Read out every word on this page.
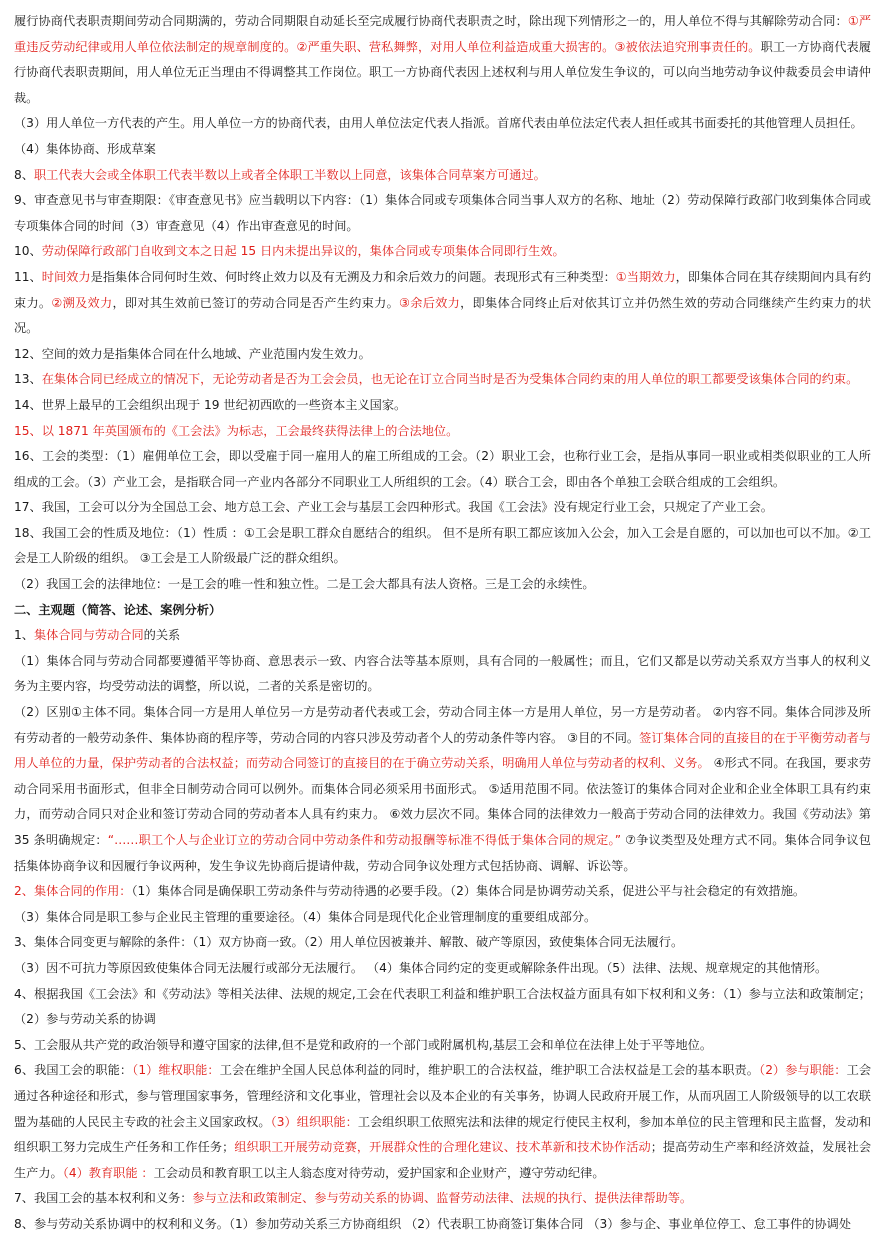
履行协商代表职责期间劳动合同期满的，劳动合同期限自动延长至完成履行协商代表职责之时，除出现下列情形之一的，用人单位不得与其解除劳动合同：①严重违反劳动纪律或用人单位依法制定的规章制度的。②严重失职、营私舞弊，对用人单位利益造成重大损害的。③被依法追究刑事责任的。职工一方协商代表履行协商代表职责期间，用人单位无正当理由不得调整其工作岗位。职工一方协商代表因上述权利与用人单位发生争议的，可以向当地劳动争议仲裁委员会申请仲裁。

（3）用人单位一方代表的产生。用人单位一方的协商代表，由用人单位法定代表人指派。首席代表由单位法定代表人担任或其书面委托的其他管理人员担任。

（4）集体协商、形成草案

8、职工代表大会或全体职工代表半数以上或者全体职工半数以上同意，该集体合同草案方可通过。

9、审查意见书与审查期限：《审查意见书》应当载明以下内容：（1）集体合同或专项集体合同当事人双方的名称、地址（2）劳动保障行政部门收到集体合同或专项集体合同的时间（3）审查意见（4）作出审查意见的时间。

10、劳动保障行政部门自收到文本之日起 15 日内未提出异议的，集体合同或专项集体合同即行生效。

11、时间效力是指集体合同何时生效、何时终止效力以及有无溯及力和余后效力的问题。表现形式有三种类型：①当期效力，即集体合同在其存续期间内具有约束力。②溯及效力，即对其生效前已签订的劳动合同是否产生约束力。③余后效力，即集体合同终止后对依其订立并仍然生效的劳动合同继续产生约束力的状况。

12、空间的效力是指集体合同在什么地域、产业范围内发生效力。

13、在集体合同已经成立的情况下，无论劳动者是否为工会会员，也无论在订立合同当时是否为受集体合同约束的用人单位的职工都要受该集体合同的约束。

14、世界上最早的工会组织出现于 19 世纪初西欧的一些资本主义国家。

15、以 1871 年英国颁布的《工会法》为标志，工会最终获得法律上的合法地位。

16、工会的类型：（1）雇佣单位工会，即以受雇于同一雇用人的雇工所组成的工会。（2）职业工会，也称行业工会，是指从事同一职业或相类似职业的工人所组成的工会。（3）产业工会，是指联合同一产业内各部分不同职业工人所组织的工会。（4）联合工会，即由各个单独工会联合组成的工会组织。

17、我国，工会可以分为全国总工会、地方总工会、产业工会与基层工会四种形式。我国《工会法》没有规定行业工会，只规定了产业工会。

18、我国工会的性质及地位：（1）性质 ：①工会是职工群众自愿结合的组织。 但不是所有职工都应该加入公会，加入工会是自愿的，可以加也可以不加。②工会是工人阶级的组织。 ③工会是工人阶级最广泛的群众组织。

（2）我国工会的法律地位：一是工会的唯一性和独立性。二是工会大都具有法人资格。三是工会的永续性。

二、主观题（简答、论述、案例分析）

1、集体合同与劳动合同的关系

（1）集体合同与劳动合同都要遵循平等协商、意思表示一致、内容合法等基本原则，具有合同的一般属性；而且，它们又都是以劳动关系双方当事人的权利义务为主要内容，均受劳动法的调整，所以说，二者的关系是密切的。

（2）区别①主体不同。集体合同一方是用人单位另一方是劳动者代表或工会，劳动合同主体一方是用人单位，另一方是劳动者。 ②内容不同。集体合同涉及所有劳动者的一般劳动条件、集体协商的程序等，劳动合同的内容只涉及劳动者个人的劳动条件等内容。 ③目的不同。签订集体合同的直接目的在于平衡劳动者与用人单位的力量，保护劳动者的合法权益；而劳动合同签订的直接目的在于确立劳动关系，明确用人单位与劳动者的权利、义务。 ④形式不同。在我国，要求劳动合同采用书面形式，但非全日制劳动合同可以例外。而集体合同必须采用书面形式。 ⑤适用范围不同。依法签订的集体合同对企业和企业全体职工具有约束力，而劳动合同只对企业和签订劳动合同的劳动者本人具有约束力。 ⑥效力层次不同。集体合同的法律效力一般高于劳动合同的法律效力。我国《劳动法》第 35 条明确规定：“……职工个人与企业订立的劳动合同中劳动条件和劳动报酬等标准不得低于集体合同的规定。” ⑦争议类型及处理方式不同。集体合同争议包括集体协商争议和因履行争议两种，发生争议先协商后提请仲裁，劳动合同争议处理方式包括协商、调解、诉讼等。

2、集体合同的作用：（1）集体合同是确保职工劳动条件与劳动待遇的必要手段。（2）集体合同是协调劳动关系，促进公平与社会稳定的有效措施。

（3）集体合同是职工参与企业民主管理的重要途径。（4）集体合同是现代化企业管理制度的重要组成部分。

3、集体合同变更与解除的条件：（1）双方协商一致。（2）用人单位因被兼并、解散、破产等原因，致使集体合同无法履行。

（3）因不可抗力等原因致使集体合同无法履行或部分无法履行。 （4）集体合同约定的变更或解除条件出现。（5）法律、法规、规章规定的其他情形。

4、根据我国《工会法》和《劳动法》等相关法律、法规的规定,工会在代表职工利益和维护职工合法权益方面具有如下权利和义务：（1）参与立法和政策制定；（2）参与劳动关系的协调

5、工会服从共产党的政治领导和遵守国家的法律,但不是党和政府的一个部门或附属机构,基层工会和单位在法律上处于平等地位。

6、我国工会的职能：（1）维权职能：工会在维护全国人民总体利益的同时，维护职工的合法权益，维护职工合法权益是工会的基本职责。（2）参与职能：工会通过各种途径和形式，参与管理国家事务，管理经济和文化事业，管理社会以及本企业的有关事务，协调人民政府开展工作，从而巩固工人阶级领导的以工农联盟为基础的人民民主专政的社会主义国家政权。（3）组织职能：工会组织职工依照宪法和法律的规定行使民主权利，参加本单位的民主管理和民主监督，发动和组织职工努力完成生产任务和工作任务；组织职工开展劳动竞赛，开展群众性的合理化建议、技术革新和技术协作活动；提高劳动生产率和经济效益，发展社会生产力。（4）教育职能 ：工会动员和教育职工以主人翁态度对待劳动，爱护国家和企业财产，遵守劳动纪律。

7、我国工会的基本权利和义务：参与立法和政策制定、参与劳动关系的协调、监督劳动法律、法规的执行、提供法律帮助等。

8、参与劳动关系协调中的权利和义务。（1）参加劳动关系三方协商组织 （2）代表职工协商签订集体合同 （3）参与企、事业单位停工、怠工事件的协调处
